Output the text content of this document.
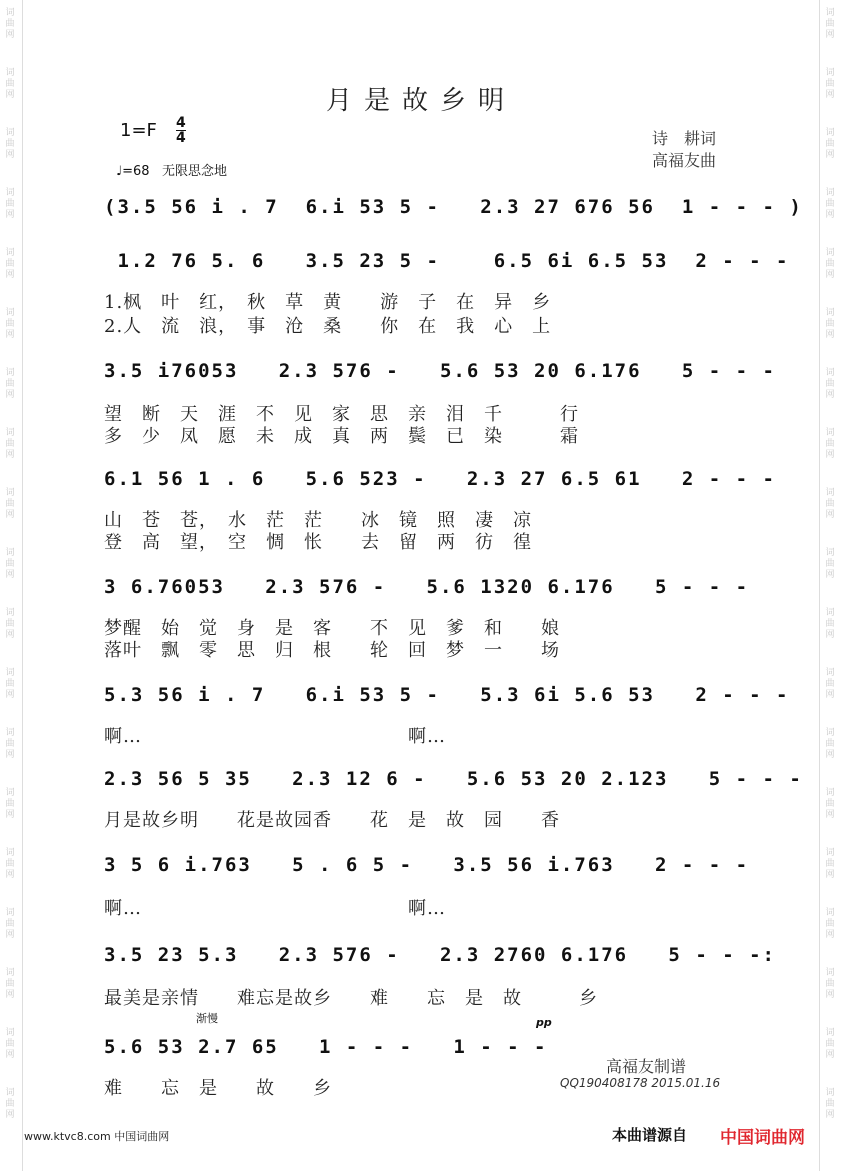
词曲网
词曲网
词曲网
词曲网
词曲网
词曲网
词曲网
词曲网
词曲网
词曲网
词曲网
词曲网
词曲网
词曲网
词曲网
词曲网
词曲网
词曲网
词曲网
词曲网
词曲网
词曲网
词曲网
词曲网
词曲网
词曲网
词曲网
词曲网
词曲网
词曲网
词曲网
词曲网
词曲网
词曲网
词曲网
词曲网
词曲网
词曲网
月是故乡明
1=F 4
4
♩=68 无限思念地
诗　耕词
高福友曲
(3.5 56 i . 7  6.i 53 5 -   2.3 27 676 56  1 - - - )
1.2 76 5. 6   3.5 23 5 -    6.5 6i 6.5 53  2 - - -
1.枫　叶　红，　秋　草　黄　　游　子　在　异　乡
2.人　流　浪，　事　沧　桑　　你　在　我　心　上
3.5 i76053   2.3 576 -   5.6 53 20 6.176   5 - - -
望　断　天　涯　不　见　家　思　亲　泪　千　　　行
多　少　凤　愿　未　成　真　两　鬓　已　染　　　霜
6.1 56 1 . 6   5.6 523 -   2.3 27 6.5 61   2 - - -
山　苍　苍，　水　茫　茫　　冰　镜　照　凄　凉
登　高　望，　空　惆　怅　　去　留　两　彷　徨
3 6.76053   2.3 576 -   5.6 1320 6.176   5 - - -
梦醒　始　觉　身　是　客　　不　见　爹　和　　娘
落叶　飘　零　思　归　根　　轮　回　梦　一　　场
5.3 56 i . 7   6.i 53 5 -   5.3 6i 5.6 53   2 - - -
啊…　　　　　　　　　　　　　　啊…
2.3 56 5 35   2.3 12 6 -   5.6 53 20 2.123   5 - - -
月是故乡明　　花是故园香　　花　是　故　园　　香
3 5 6 i.763   5 . 6 5 -   3.5 56 i.763   2 - - -
啊…　　　　　　　　　　　　　　啊…
3.5 23 5.3   2.3 576 -   2.3 2760 6.176   5 - - -:
最美是亲情　　难忘是故乡　　难　　忘　是　故　　　乡
渐慢	pp
5.6 53 2.7 65   1 - - -   1 - - -
难　　忘　是　　故　　乡
高福友制谱
QQ190408178 2015.01.16
www.ktvc8.com 中国词曲网	本曲谱源自 中国词曲网
